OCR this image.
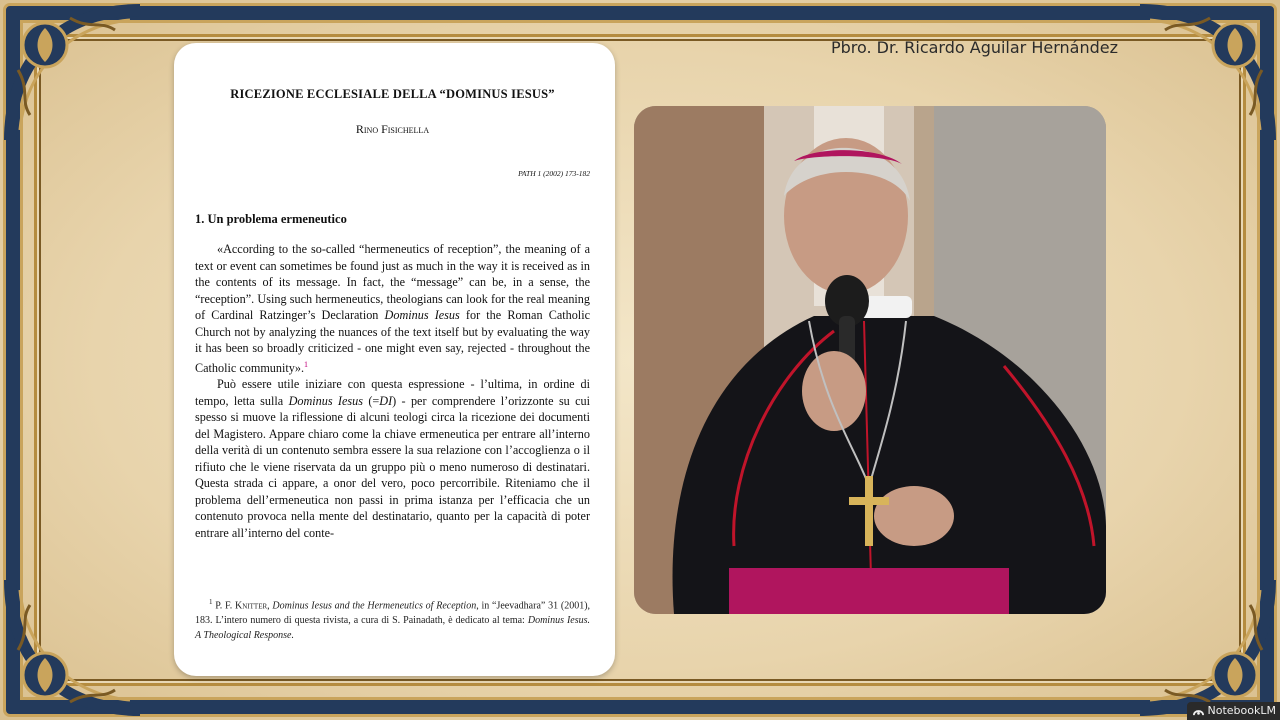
Pbro. Dr. Ricardo Aguilar Hernández
RICEZIONE ECCLESIALE DELLA “DOMINUS IESUS”
Rino Fisichella
PATH 1 (2002) 173-182
1. Un problema ermeneutico

«According to the so-called “hermeneutics of reception”, the meaning of a text or event can sometimes be found just as much in the way it is received as in the contents of its message. In fact, the “message” can be, in a sense, the “reception”. Using such hermeneutics, theologians can look for the real meaning of Cardinal Ratzinger’s Declaration Dominus Iesus for the Roman Catholic Church not by analyzing the nuances of the text itself but by evaluating the way it has been so broadly criticized - one might even say, rejected - throughout the Catholic community».$^1$

Può essere utile iniziare con questa espressione - l’ultima, in ordine di tempo, letta sulla Dominus Iesus (=DI) - per comprendere l’orizzonte su cui spesso si muove la riflessione di alcuni teologi circa la ricezione dei documenti del Magistero. Appare chiaro come la chiave ermeneutica per entrare all’interno della verità di un contenuto sembra essere la sua relazione con l’accoglienza o il rifiuto che le viene riservata da un gruppo più o meno numeroso di destinatari. Questa strada ci appare, a onor del vero, poco percorribile. Riteniamo che il problema dell’ermeneutica non passi in prima istanza per l’efficacia che un contenuto provoca nella mente del destinatario, quanto per la capacità di poter entrare all’interno del conte-

$^1$ P. F. Knitter, Dominus Iesus and the Hermeneutics of Reception, in “Jeevadhara” 31 (2001), 183. L’intero numero di questa rivista, a cura di S. Painadath, è dedicato al tema: Dominus Iesus. A Theological Response.
NotebookLM
